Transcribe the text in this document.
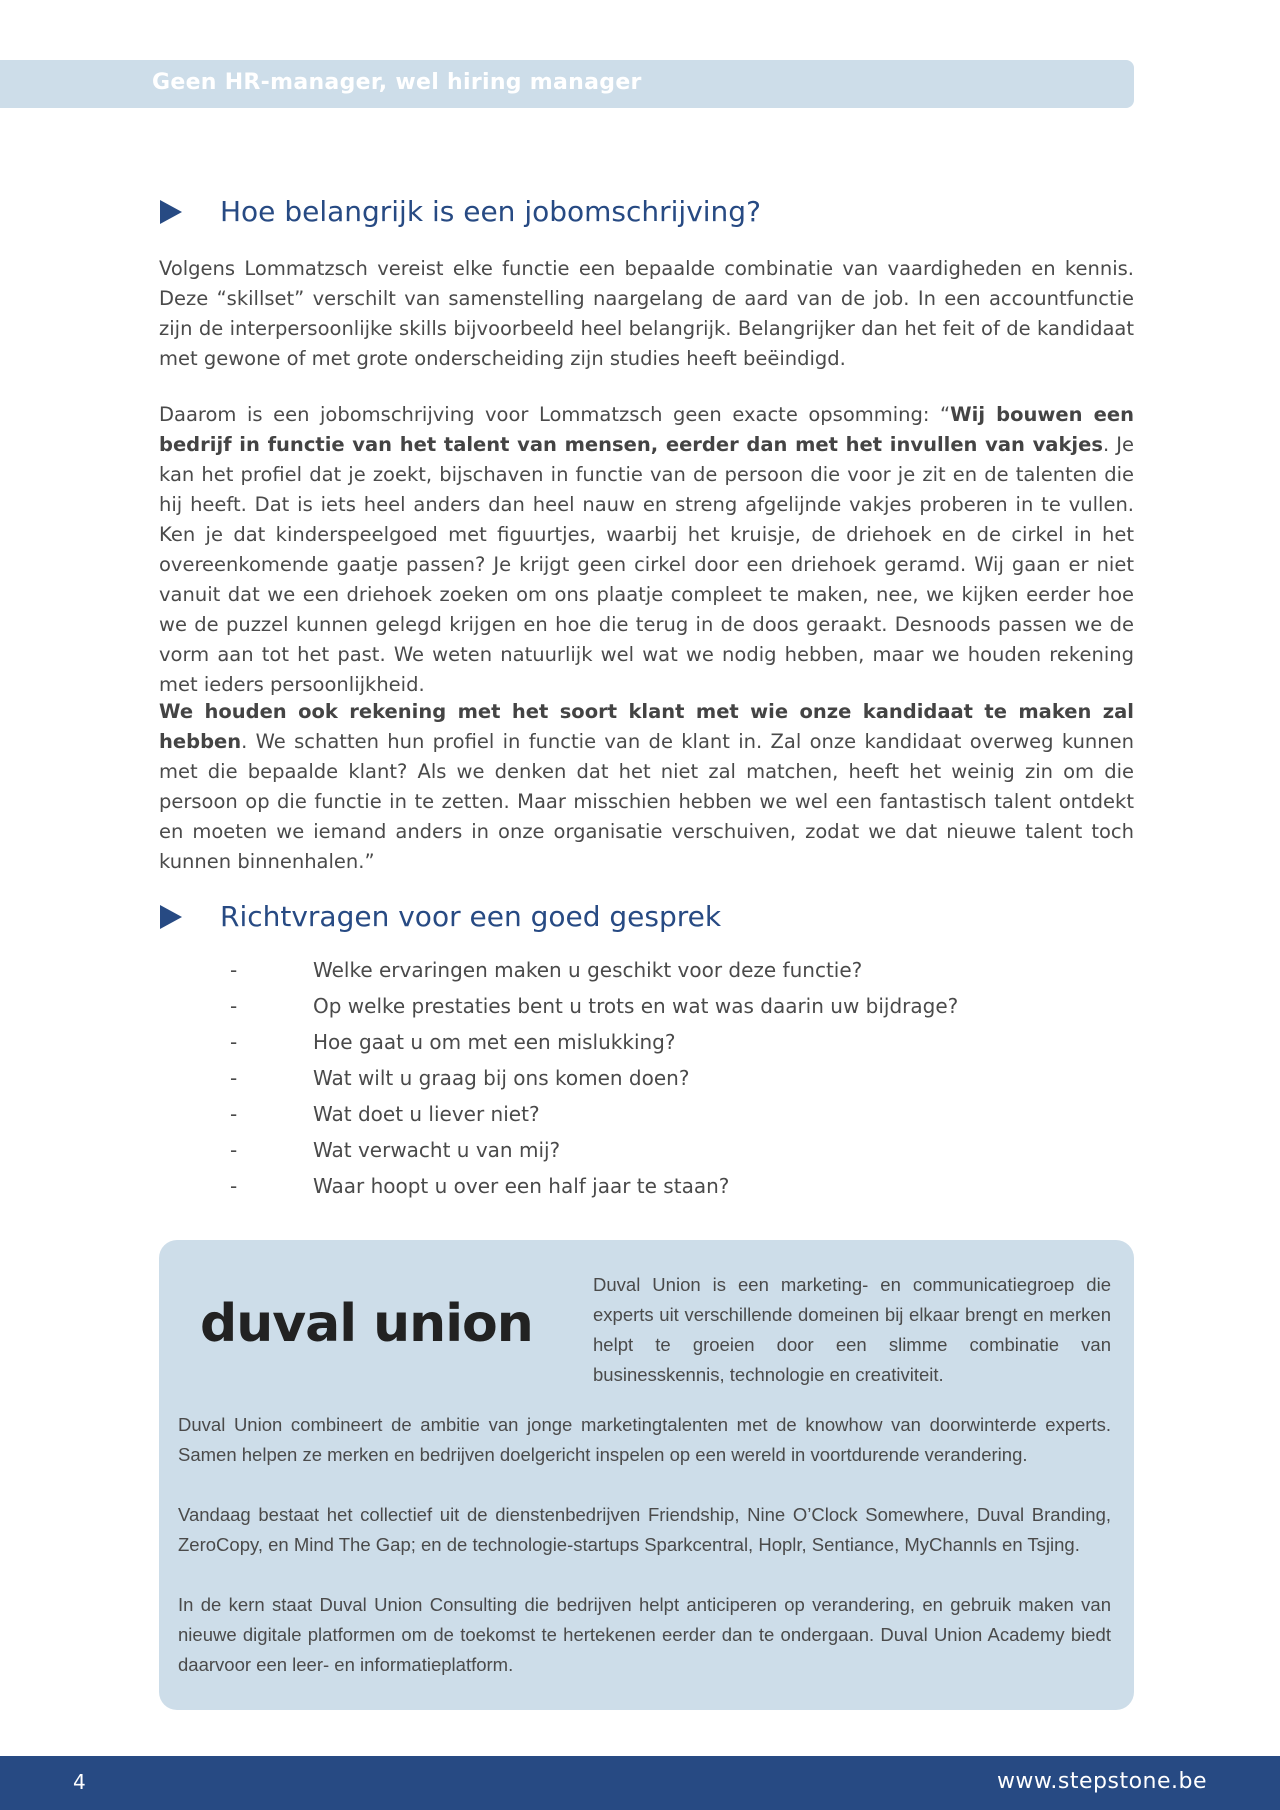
Geen HR-manager, wel hiring manager
Hoe belangrijk is een jobomschrijving?

Volgens Lommatzsch vereist elke functie een bepaalde combinatie van vaardigheden en kennis. Deze “skillset” verschilt van samenstelling naargelang de aard van de job. In een accountfunctie zijn de interpersoonlijke skills bijvoorbeeld heel belangrijk. Belangrijker dan het feit of de kandidaat met gewone of met grote onderscheiding zijn studies heeft beëindigd.

Daarom is een jobomschrijving voor Lommatzsch geen exacte opsomming: “Wij bouwen een bedrijf in functie van het talent van mensen, eerder dan met het invullen van vakjes. Je kan het profiel dat je zoekt, bijschaven in functie van de persoon die voor je zit en de talenten die hij heeft. Dat is iets heel anders dan heel nauw en streng afgelijnde vakjes proberen in te vullen. Ken je dat kinderspeelgoed met figuurtjes, waarbij het kruisje, de driehoek en de cirkel in het overeenkomende gaatje passen? Je krijgt geen cirkel door een driehoek geramd. Wij gaan er niet vanuit dat we een driehoek zoeken om ons plaatje compleet te maken, nee, we kijken eerder hoe we de puzzel kunnen gelegd krijgen en hoe die terug in de doos geraakt. Desnoods passen we de vorm aan tot het past. We weten natuurlijk wel wat we nodig hebben, maar we houden rekening met ieders persoonlijkheid.

We houden ook rekening met het soort klant met wie onze kandidaat te maken zal hebben. We schatten hun profiel in functie van de klant in. Zal onze kandidaat overweg kunnen met die bepaalde klant? Als we denken dat het niet zal matchen, heeft het weinig zin om die persoon op die functie in te zetten. Maar misschien hebben we wel een fantastisch talent ontdekt en moeten we iemand anders in onze organisatie verschuiven, zodat we dat nieuwe talent toch kunnen binnenhalen.”

Richtvragen voor een goed gesprek
-	Welke ervaringen maken u geschikt voor deze functie?
-	Op welke prestaties bent u trots en wat was daarin uw bijdrage?
-	Hoe gaat u om met een mislukking?
-	Wat wilt u graag bij ons komen doen?
-	Wat doet u liever niet?
-	Wat verwacht u van mij?
-	Waar hoopt u over een half jaar te staan?
duval union

Duval Union is een marketing- en communicatiegroep die experts uit verschillende domeinen bij elkaar brengt en merken helpt te groeien door een slimme combinatie van businesskennis, technologie en creativiteit.

Duval Union combineert de ambitie van jonge marketingtalenten met de knowhow van doorwinterde experts. Samen helpen ze merken en bedrijven doelgericht inspelen op een wereld in voortdurende verandering.

Vandaag bestaat het collectief uit de dienstenbedrijven Friendship, Nine O’Clock Somewhere, Duval Branding, ZeroCopy, en Mind The Gap; en de technologie-startups Sparkcentral, Hoplr, Sentiance, MyChannls en Tsjing.

In de kern staat Duval Union Consulting die bedrijven helpt anticiperen op verandering, en gebruik maken van nieuwe digitale platformen om de toekomst te hertekenen eerder dan te ondergaan. Duval Union Academy biedt daarvoor een leer- en informatieplatform.

4	www.stepstone.be
